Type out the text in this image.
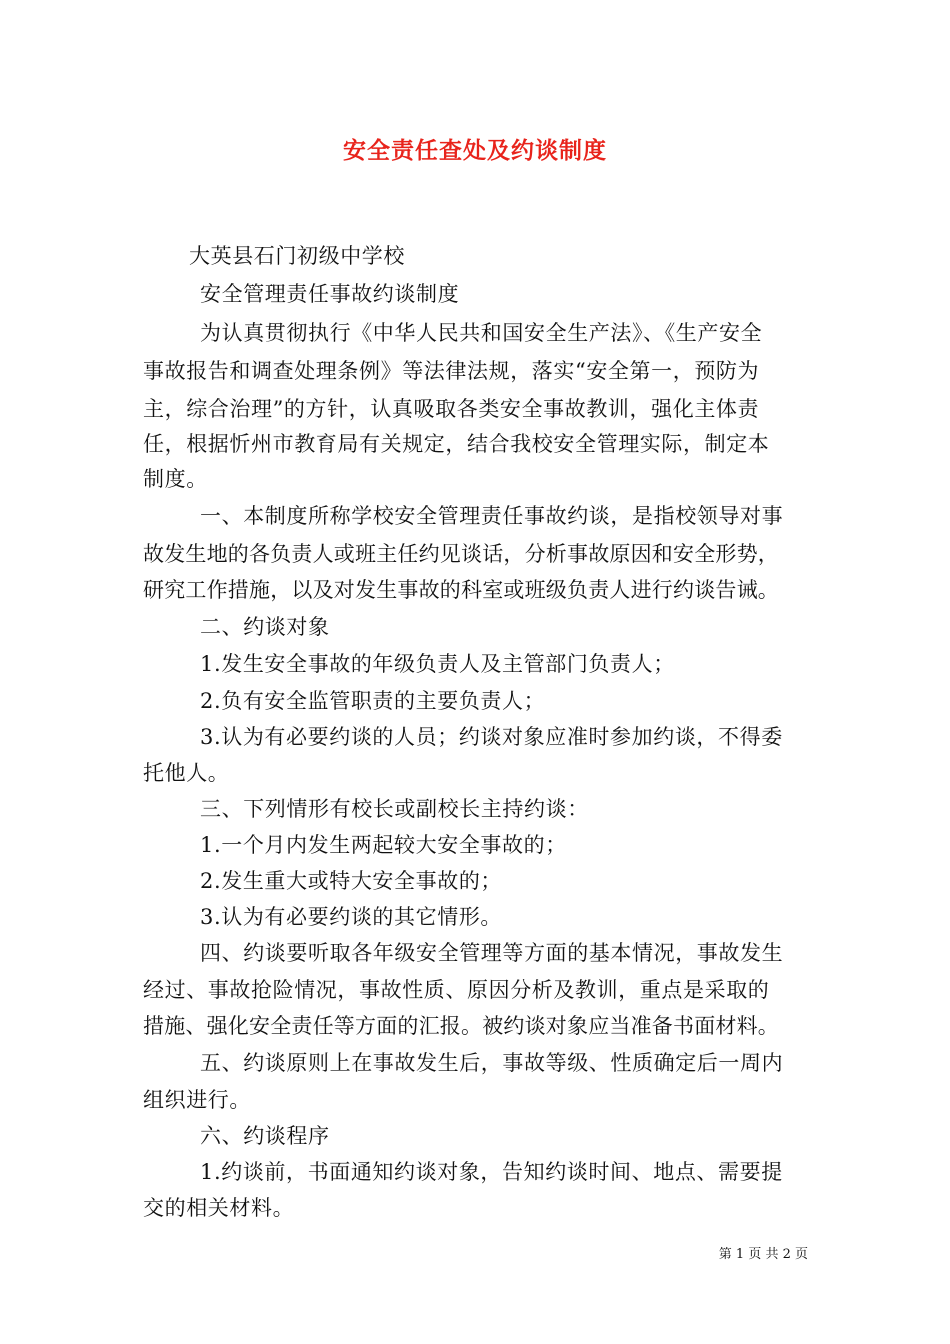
安全责任查处及约谈制度
大英县石门初级中学校
安全管理责任事故约谈制度
为认真贯彻执行《中华人民共和国安全生产法》、《生产安全
事故报告和调查处理条例》等法律法规，落实“安全第一，预防为
主，综合治理”的方针，认真吸取各类安全事故教训，强化主体责
任，根据忻州市教育局有关规定，结合我校安全管理实际，制定本
制度。
一、本制度所称学校安全管理责任事故约谈，是指校领导对事
故发生地的各负责人或班主任约见谈话，分析事故原因和安全形势，
研究工作措施，以及对发生事故的科室或班级负责人进行约谈告诫。
二、约谈对象
1.发生安全事故的年级负责人及主管部门负责人；
2.负有安全监管职责的主要负责人；
3.认为有必要约谈的人员；约谈对象应准时参加约谈，不得委
托他人。
三、下列情形有校长或副校长主持约谈：
1.一个月内发生两起较大安全事故的；
2.发生重大或特大安全事故的；
3.认为有必要约谈的其它情形。
四、约谈要听取各年级安全管理等方面的基本情况，事故发生
经过、事故抢险情况，事故性质、原因分析及教训，重点是采取的
措施、强化安全责任等方面的汇报。被约谈对象应当准备书面材料。
五、约谈原则上在事故发生后，事故等级、性质确定后一周内
组织进行。
六、约谈程序
1.约谈前，书面通知约谈对象，告知约谈时间、地点、需要提
交的相关材料。
第 1 页 共 2 页
